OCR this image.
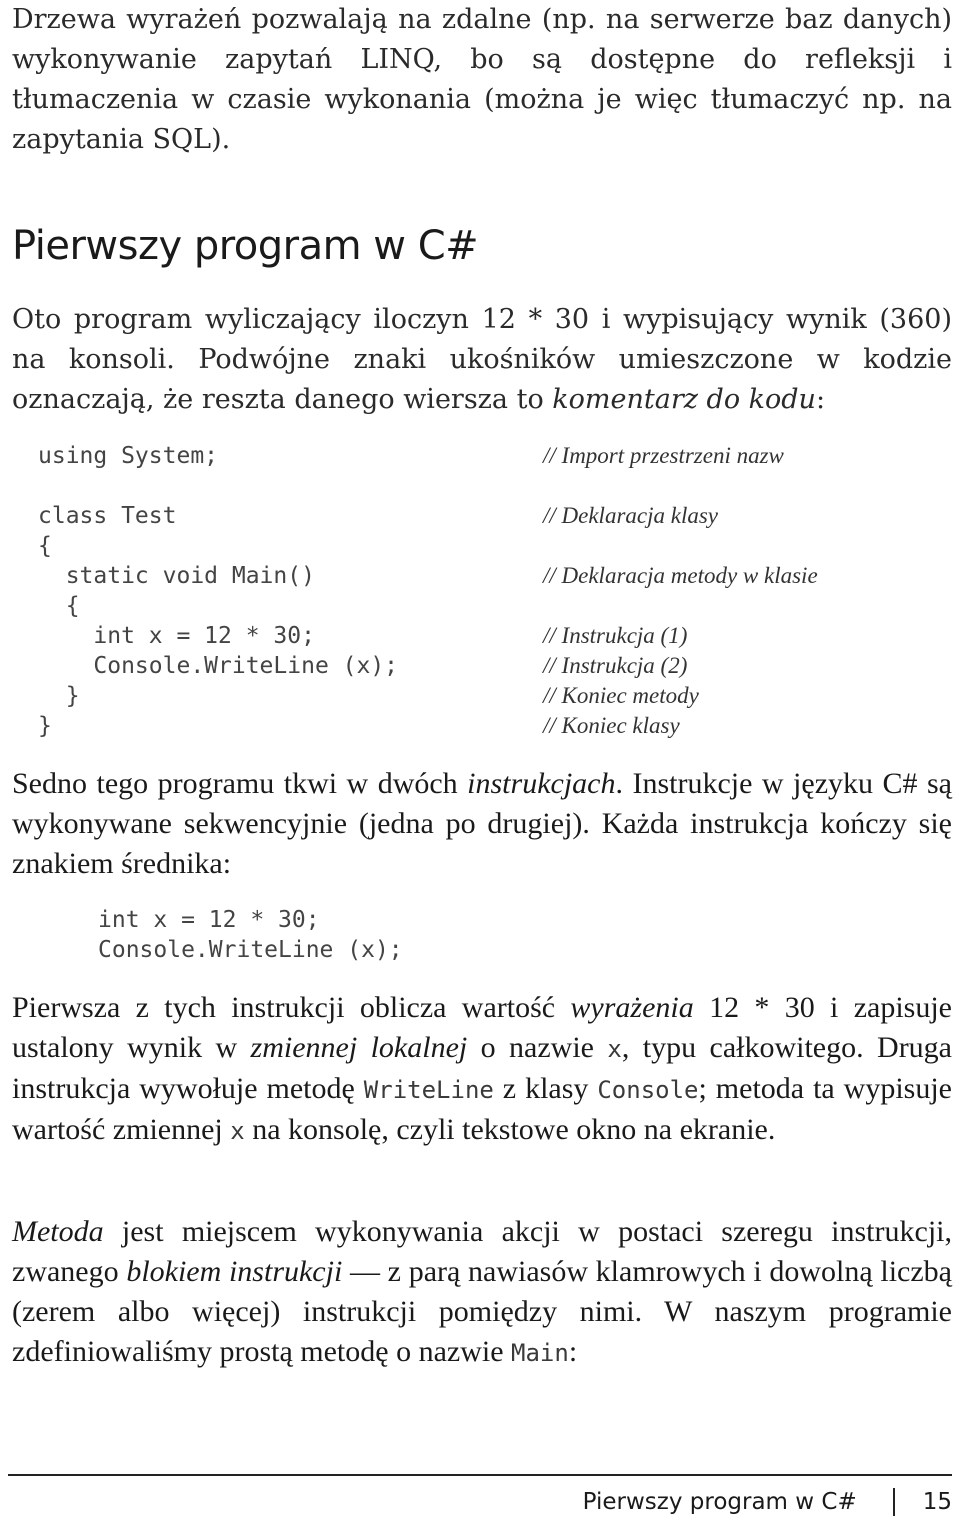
Drzewa wyrażeń pozwalają na zdalne (np. na serwerze baz danych) wykonywanie zapytań LINQ, bo są dostępne do refleksji i tłumaczenia w czasie wykonania (można je więc tłumaczyć np. na zapytania SQL).

Pierwszy program w C#

Oto program wyliczający iloczyn 12 * 30 i wypisujący wynik (360) na konsoli. Podwójne znaki ukośników umieszczone w kodzie oznaczają, że reszta danego wiersza to komentarz do kodu:

using System;	// Import przestrzeni nazw
class Test	// Deklaracja klasy
{
static void Main()	// Deklaracja metody w klasie
{
int x = 12 * 30;	// Instrukcja (1)
Console.WriteLine (x);	// Instrukcja (2)
}	// Koniec metody
}	// Koniec klasy

Sedno tego programu tkwi w dwóch instrukcjach. Instrukcje w języku C# są wykonywane sekwencyjnie (jedna po drugiej). Każda instrukcja kończy się znakiem średnika:

int x = 12 * 30;
Console.WriteLine (x);

Pierwsza z tych instrukcji oblicza wartość wyrażenia 12 * 30 i zapisuje ustalony wynik w zmiennej lokalnej o nazwie x, typu całkowitego. Druga instrukcja wywołuje metodę WriteLine z klasy Console; metoda ta wypisuje wartość zmiennej x na konsolę, czyli tekstowe okno na ekranie.

Metoda jest miejscem wykonywania akcji w postaci szeregu instrukcji, zwanego blokiem instrukcji — z parą nawiasów klamrowych i dowolną liczbą (zerem albo więcej) instrukcji pomiędzy nimi. W naszym programie zdefiniowaliśmy prostą metodę o nazwie Main:

Pierwszy program w C#	15
